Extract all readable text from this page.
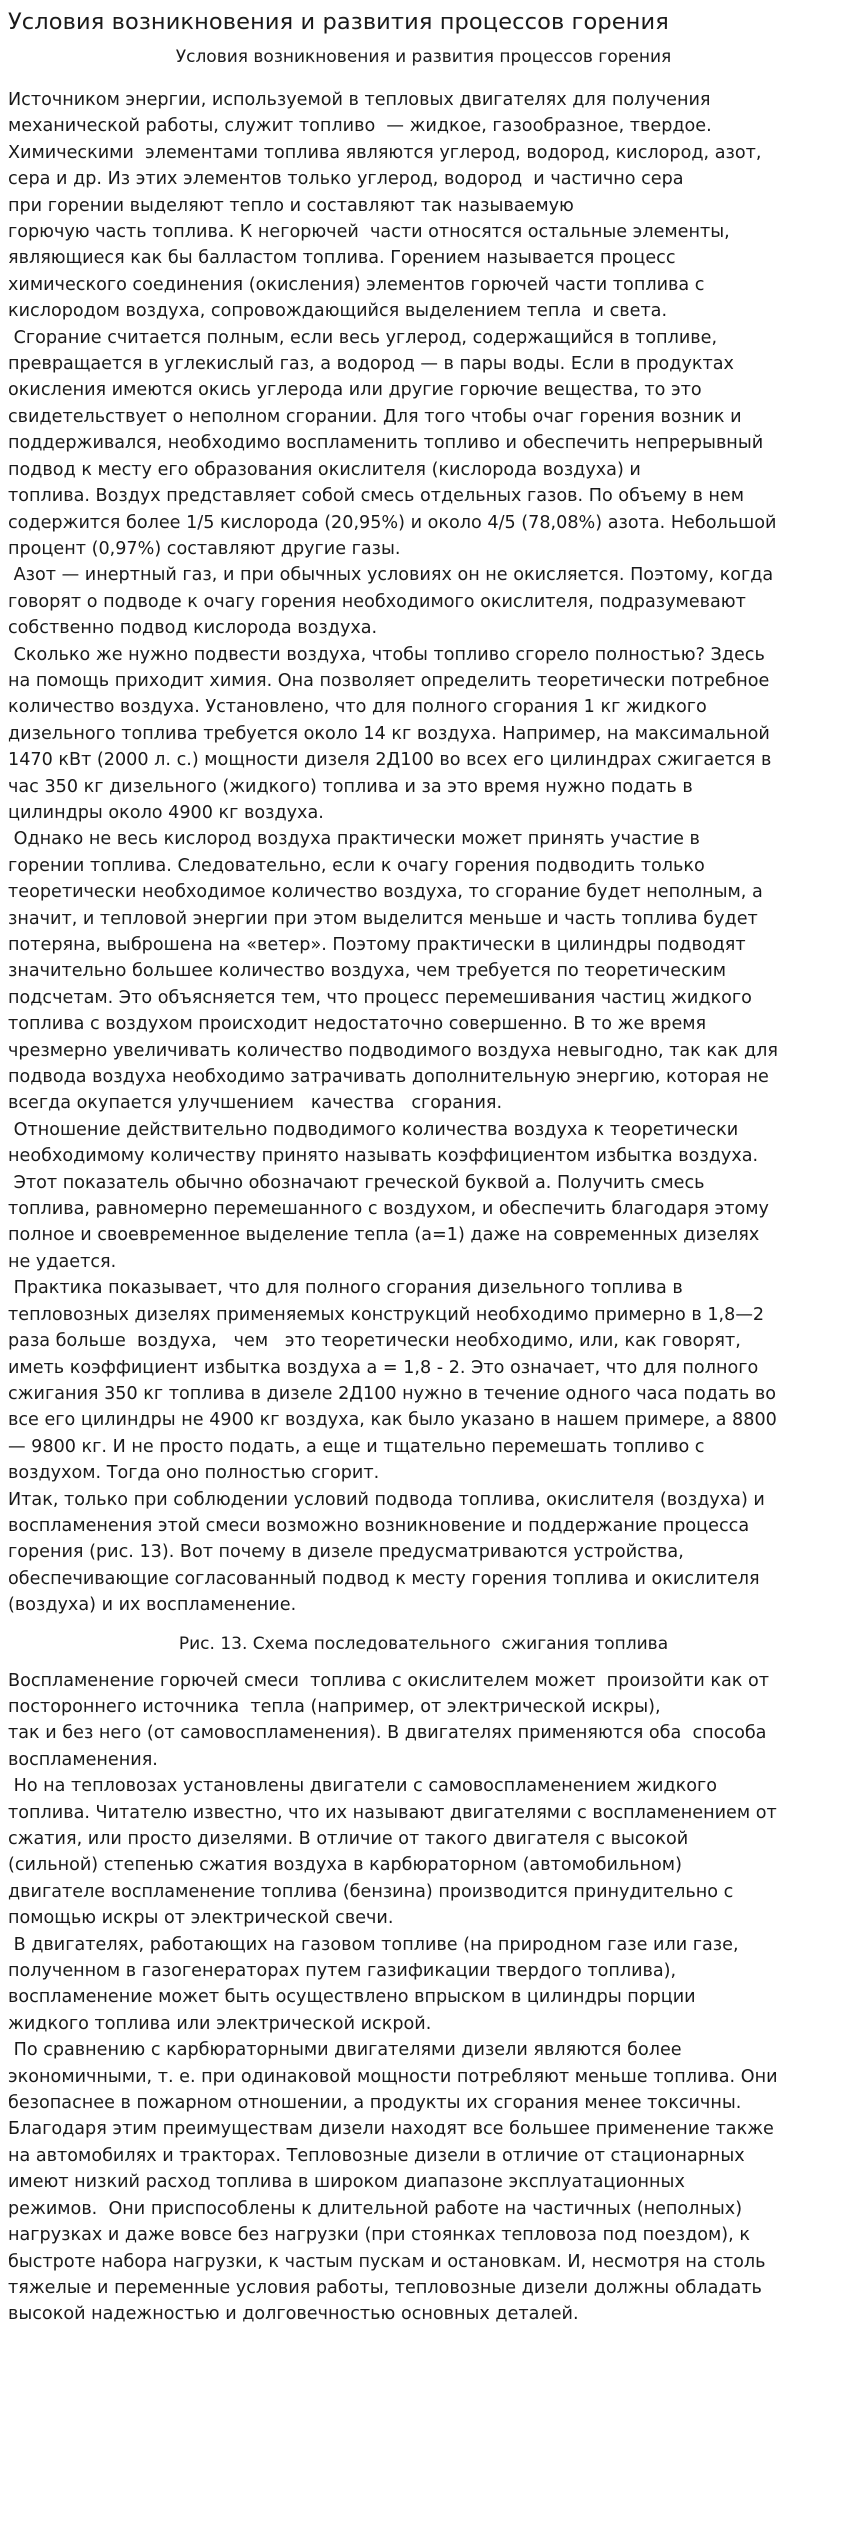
Условия возникновения и развития процессов горения
Условия возникновения и развития процессов горения
Источником энергии, используемой в тепловых двигателях для получения
механической работы, служит топливо  — жидкое, газообразное, твердое.
Химическими  элементами топлива являются углерод, водород, кислород, азот,
сера и др. Из этих элементов только углерод, водород  и частично сера
при горении выделяют тепло и составляют так называемую
горючую часть топлива. К негорючей  части относятся остальные элементы,
являющиеся как бы балластом топлива. Горением называется процесс
химического соединения (окисления) элементов горючей части топлива с
кислородом воздуха, сопровождающийся выделением тепла  и света.
Сгорание считается полным, если весь углерод, содержащийся в топливе,
превращается в углекислый газ, а водород — в пары воды. Если в продуктах
окисления имеются окись углерода или другие горючие вещества, то это
свидетельствует о неполном сгорании. Для того чтобы очаг горения возник и
поддерживался, необходимо воспламенить топливо и обеспечить непрерывный
подвод к месту его образования окислителя (кислорода воздуха) и
топлива. Воздух представляет собой смесь отдельных газов. По объему в нем
содержится более 1/5 кислорода (20,95%) и около 4/5 (78,08%) азота. Небольшой
процент (0,97%) составляют другие газы.
Азот — инертный газ, и при обычных условиях он не окисляется. Поэтому, когда
говорят о подводе к очагу горения необходимого окислителя, подразумевают
собственно подвод кислорода воздуха.
Сколько же нужно подвести воздуха, чтобы топливо сгорело полностью? Здесь
на помощь приходит химия. Она позволяет определить теоретически потребное
количество воздуха. Установлено, что для полного сгорания 1 кг жидкого
дизельного топлива требуется около 14 кг воздуха. Например, на максимальной
1470 кВт (2000 л. с.) мощности дизеля 2Д100 во всех его цилиндрах сжигается в
час 350 кг дизельного (жидкого) топлива и за это время нужно подать в
цилиндры около 4900 кг воздуха.
Однако не весь кислород воздуха практически может принять участие в
горении топлива. Следовательно, если к очагу горения подводить только
теоретически необходимое количество воздуха, то сгорание будет неполным, а
значит, и тепловой энергии при этом выделится меньше и часть топлива будет
потеряна, выброшена на «ветер». Поэтому практически в цилиндры подводят
значительно большее количество воздуха, чем требуется по теоретическим
подсчетам. Это объясняется тем, что процесс перемешивания частиц жидкого
топлива с воздухом происходит недостаточно совершенно. В то же время
чрезмерно увеличивать количество подводимого воздуха невыгодно, так как для
подвода воздуха необходимо затрачивать дополнительную энергию, которая не
всегда окупается улучшением   качества   сгорания.
Отношение действительно подводимого количества воздуха к теоретически
необходимому количеству принято называть коэффициентом избытка воздуха.
Этот показатель обычно обозначают греческой буквой а. Получить смесь
топлива, равномерно перемешанного с воздухом, и обеспечить благодаря этому
полное и своевременное выделение тепла (а=1) даже на современных дизелях
не удается.
Практика показывает, что для полного сгорания дизельного топлива в
тепловозных дизелях применяемых конструкций необходимо примерно в 1,8—2
раза больше  воздуха,   чем   это теоретически необходимо, или, как говорят,
иметь коэффициент избытка воздуха а = 1,8 - 2. Это означает, что для полного
сжигания 350 кг топлива в дизеле 2Д100 нужно в течение одного часа подать во
все его цилиндры не 4900 кг воздуха, как было указано в нашем примере, а 8800
— 9800 кг. И не просто подать, а еще и тщательно перемешать топливо с
воздухом. Тогда оно полностью сгорит.
Итак, только при соблюдении условий подвода топлива, окислителя (воздуха) и
воспламенения этой смеси возможно возникновение и поддержание процесса
горения (рис. 13). Вот почему в дизеле предусматриваются устройства,
обеспечивающие согласованный подвод к месту горения топлива и окислителя
(воздуха) и их воспламенение.
Рис. 13. Схема последовательного  сжигания топлива
Воспламенение горючей смеси  топлива с окислителем может  произойти как от
постороннего источника  тепла (например, от электрической искры),
так и без него (от самовоспламенения). В двигателях применяются оба  способа
воспламенения.
Но на тепловозах установлены двигатели с самовоспламенением жидкого
топлива. Читателю известно, что их называют двигателями с воспламенением от
сжатия, или просто дизелями. В отличие от такого двигателя с высокой
(сильной) степенью сжатия воздуха в карбюраторном (автомобильном)
двигателе воспламенение топлива (бензина) производится принудительно с
помощью искры от электрической свечи.
В двигателях, работающих на газовом топливе (на природном газе или газе,
полученном в газогенераторах путем газификации твердого топлива),
воспламенение может быть осуществлено впрыском в цилиндры порции
жидкого топлива или электрической искрой.
По сравнению с карбюраторными двигателями дизели являются более
экономичными, т. е. при одинаковой мощности потребляют меньше топлива. Они
безопаснее в пожарном отношении, а продукты их сгорания менее токсичны.
Благодаря этим преимуществам дизели находят все большее применение также
на автомобилях и тракторах. Тепловозные дизели в отличие от стационарных
имеют низкий расход топлива в широком диапазоне эксплуатационных
режимов.  Они приспособлены к длительной работе на частичных (неполных)
нагрузках и даже вовсе без нагрузки (при стоянках тепловоза под поездом), к
быстроте набора нагрузки, к частым пускам и остановкам. И, несмотря на столь
тяжелые и переменные условия работы, тепловозные дизели должны обладать
высокой надежностью и долговечностью основных деталей.
